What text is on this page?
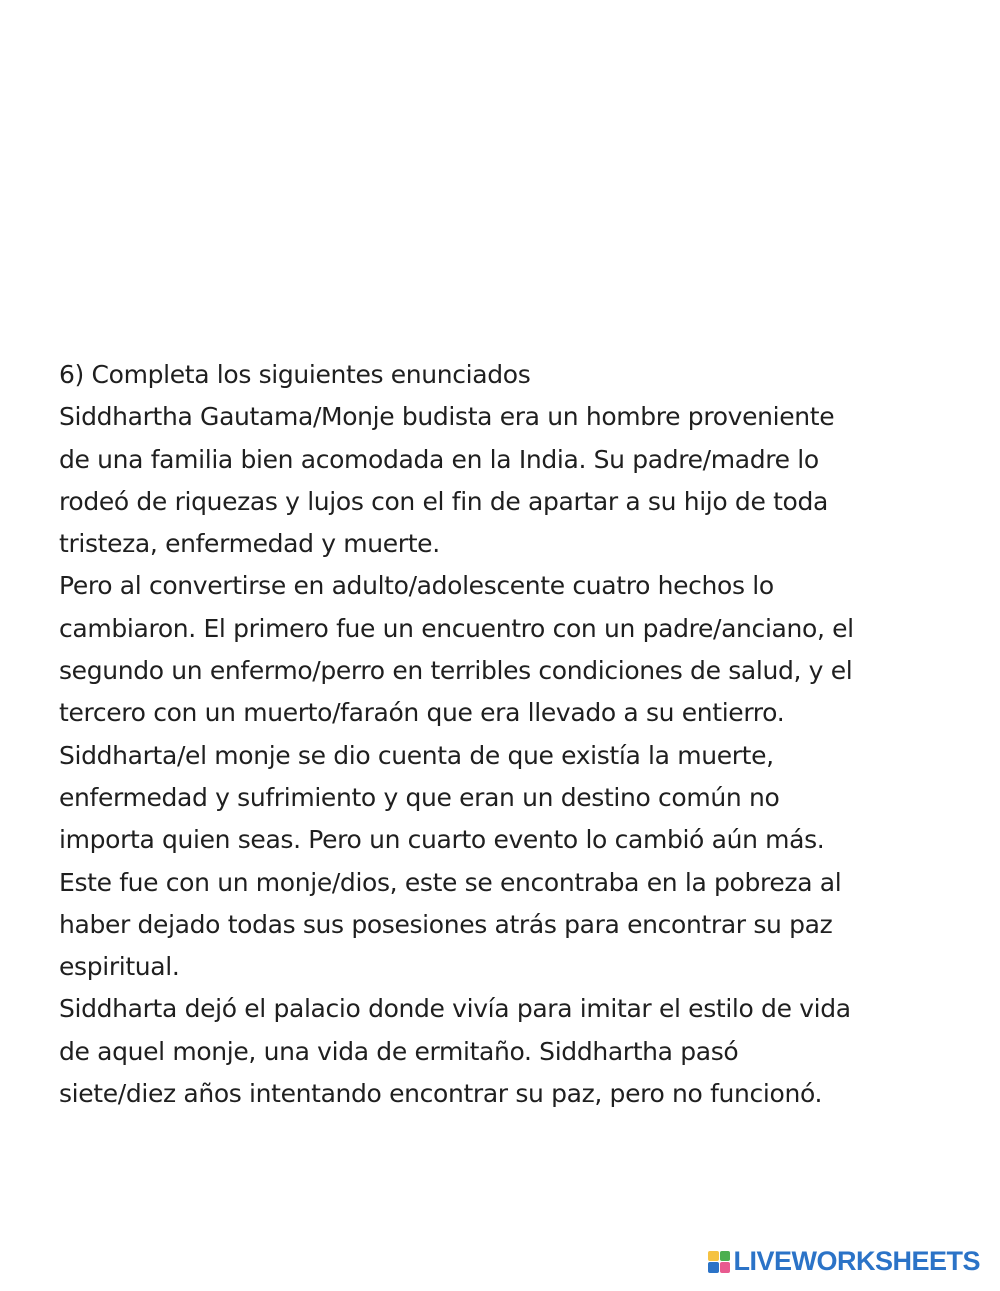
6) Completa los siguientes enunciados
Siddhartha Gautama/Monje budista era un hombre proveniente
de una familia bien acomodada en la India. Su padre/madre lo
rodeó de riquezas y lujos con el fin de apartar a su hijo de toda
tristeza, enfermedad y muerte.
Pero al convertirse en adulto/adolescente cuatro hechos lo
cambiaron. El primero fue un encuentro con un padre/anciano, el
segundo un enfermo/perro en terribles condiciones de salud, y el
tercero con un muerto/faraón que era llevado a su entierro.
Siddharta/el monje se dio cuenta de que existía la muerte,
enfermedad y sufrimiento y que eran un destino común no
importa quien seas. Pero un cuarto evento lo cambió aún más.
Este fue con un monje/dios, este se encontraba en la pobreza al
haber dejado todas sus posesiones atrás para encontrar su paz
espiritual.
Siddharta dejó el palacio donde vivía para imitar el estilo de vida
de aquel monje, una vida de ermitaño. Siddhartha pasó
siete/diez años intentando encontrar su paz, pero no funcionó.
LIVEWORKSHEETS
